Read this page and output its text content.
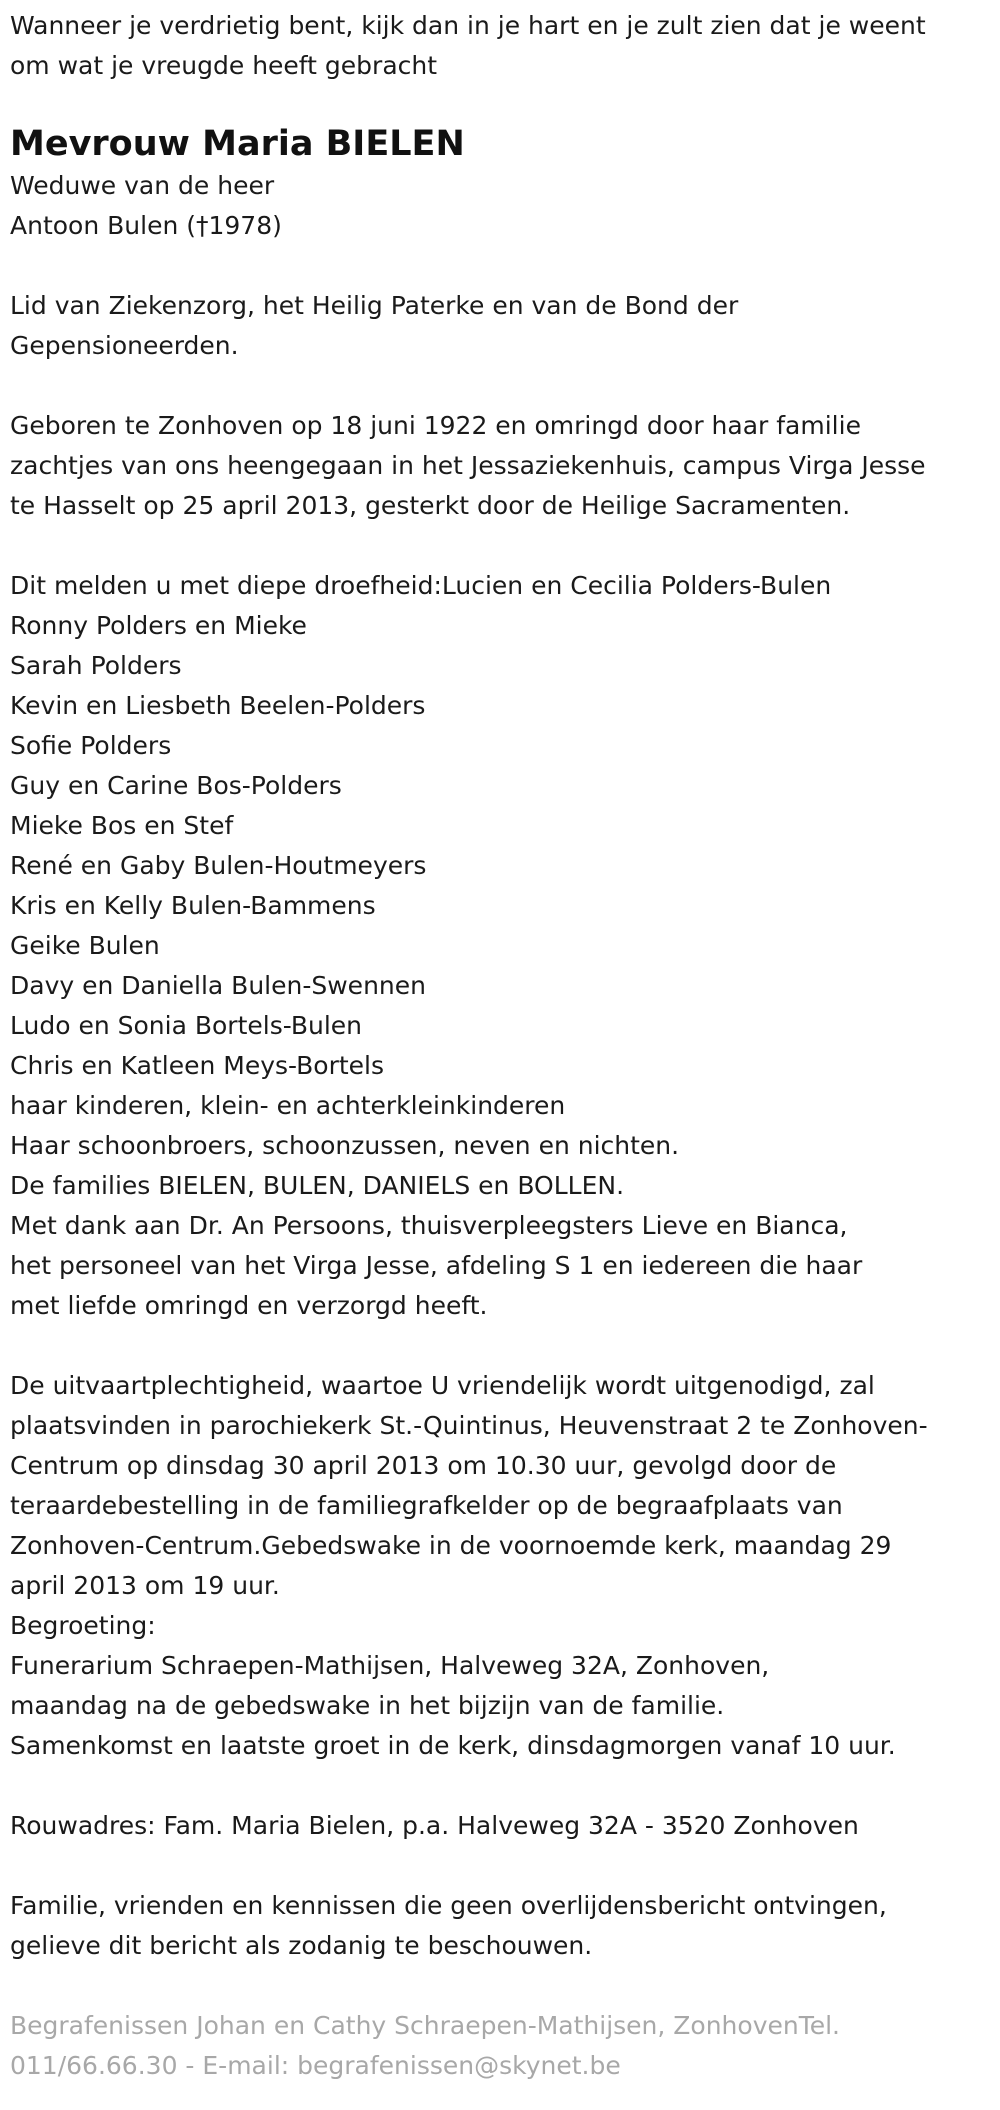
Wanneer je verdrietig bent, kijk dan in je hart en je zult zien dat je weent
om wat je vreugde heeft gebracht
Mevrouw Maria BIELEN
Weduwe van de heer
Antoon Bulen (†1978)
Lid van Ziekenzorg, het Heilig Paterke en van de Bond der
Gepensioneerden.
Geboren te Zonhoven op 18 juni 1922 en omringd door haar familie
zachtjes van ons heengegaan in het Jessaziekenhuis, campus Virga Jesse
te Hasselt op 25 april 2013, gesterkt door de Heilige Sacramenten.
Dit melden u met diepe droefheid:Lucien en Cecilia Polders-Bulen
Ronny Polders en Mieke
Sarah Polders
Kevin en Liesbeth Beelen-Polders
Sofie Polders
Guy en Carine Bos-Polders
Mieke Bos en Stef
René en Gaby Bulen-Houtmeyers
Kris en Kelly Bulen-Bammens
Geike Bulen
Davy en Daniella Bulen-Swennen
Ludo en Sonia Bortels-Bulen
Chris en Katleen Meys-Bortels
haar kinderen, klein- en achterkleinkinderen
Haar schoonbroers, schoonzussen, neven en nichten.
De families BIELEN, BULEN, DANIELS en BOLLEN.
Met dank aan Dr. An Persoons, thuisverpleegsters Lieve en Bianca,
het personeel van het Virga Jesse, afdeling S 1 en iedereen die haar
met liefde omringd en verzorgd heeft.
De uitvaartplechtigheid, waartoe U vriendelijk wordt uitgenodigd, zal
plaatsvinden in parochiekerk St.-Quintinus, Heuvenstraat 2 te Zonhoven-
Centrum op dinsdag 30 april 2013 om 10.30 uur, gevolgd door de
teraardebestelling in de familiegrafkelder op de begraafplaats van
Zonhoven-Centrum.Gebedswake in de voornoemde kerk, maandag 29
april 2013 om 19 uur.
Begroeting:
Funerarium Schraepen-Mathijsen, Halveweg 32A, Zonhoven,
maandag na de gebedswake in het bijzijn van de familie.
Samenkomst en laatste groet in de kerk, dinsdagmorgen vanaf 10 uur.
Rouwadres: Fam. Maria Bielen, p.a. Halveweg 32A - 3520 Zonhoven
Familie, vrienden en kennissen die geen overlijdensbericht ontvingen,
gelieve dit bericht als zodanig te beschouwen.
Begrafenissen Johan en Cathy Schraepen-Mathijsen, ZonhovenTel.
011/66.66.30 - E-mail: begrafenissen@skynet.be
